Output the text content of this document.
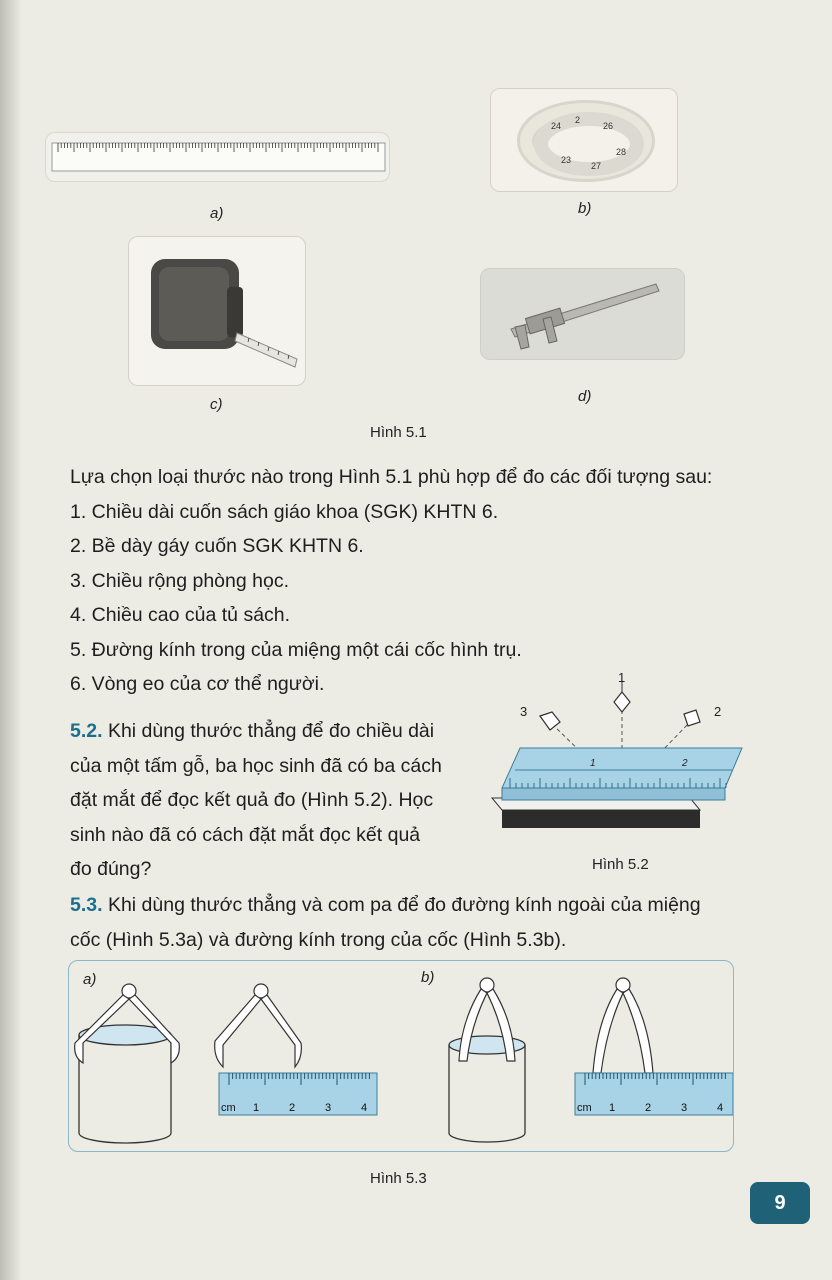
a)
24
2
26
23
27
28
b)
c)	d)
Hình 5.1
Lựa chọn loại thước nào trong Hình 5.1 phù hợp để đo các đối tượng sau:
1. Chiều dài cuốn sách giáo khoa (SGK) KHTN 6.
2. Bề dày gáy cuốn SGK KHTN 6.
3. Chiều rộng phòng học.
4. Chiều cao của tủ sách.
5. Đường kính trong của miệng một cái cốc hình trụ.
6. Vòng eo của cơ thể người.
5.2. Khi dùng thước thẳng để đo chiều dài
của một tấm gỗ, ba học sinh đã có ba cách
đặt mắt để đọc kết quả đo (Hình 5.2). Học
sinh nào đã có cách đặt mắt đọc kết quả
đo đúng?
1	2
1
2
3
Hình 5.2
5.3. Khi dùng thước thẳng và com pa để đo đường kính ngoài của miệng
cốc (Hình 5.3a) và đường kính trong của cốc (Hình 5.3b).
a)	b)
cm 1	2	3	4	cm 1	2	3	4
Hình 5.3
9
